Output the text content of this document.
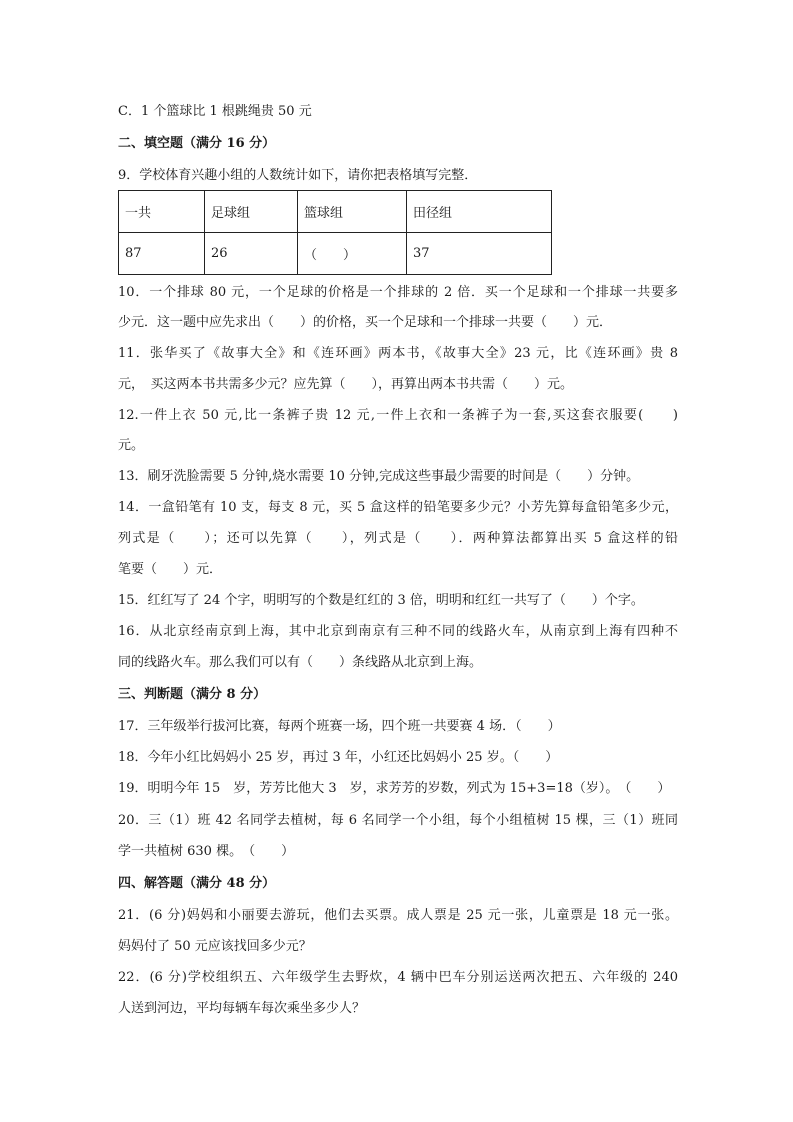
C．1 个篮球比 1 根跳绳贵 50 元
二、填空题（满分 16 分）
9．学校体育兴趣小组的人数统计如下，请你把表格填写完整．
一共	足球组	篮球组	田径组
87	26	（　　）	37
10．一个排球 80 元，一个足球的价格是一个排球的 2 倍．买一个足球和一个排球一共要多
少元．这一题中应先求出（　　）的价格，买一个足球和一个排球一共要（　　）元．
11．张华买了《故事大全》和《连环画》两本书，《故事大全》23 元，比《连环画》贵 8
元，　买这两本书共需多少元？应先算（　　），再算出两本书共需（　　）元。
12.一件上衣 50 元,比一条裤子贵 12 元,一件上衣和一条裤子为一套,买这套衣服要(　　)
元。
13．刷牙洗脸需要 5 分钟,烧水需要 10 分钟,完成这些事最少需要的时间是（　　）分钟。
14．一盒铅笔有 10 支，每支 8 元，买 5 盒这样的铅笔要多少元？小芳先算每盒铅笔多少元，
列式是（　　）；还可以先算（　　），列式是（　　）．两种算法都算出买 5 盒这样的铅
笔要（　　）元．
15．红红写了 24 个字，明明写的个数是红红的 3 倍，明明和红红一共写了（　　）个字。
16．从北京经南京到上海，其中北京到南京有三种不同的线路火车，从南京到上海有四种不
同的线路火车。那么我们可以有（　　）条线路从北京到上海。
三、判断题（满分 8 分）
17．三年级举行拔河比赛，每两个班赛一场，四个班一共要赛 4 场．（　　）
18．今年小红比妈妈小 25 岁，再过 3 年，小红还比妈妈小 25 岁。（　　）
19．明明今年 15　岁，芳芳比他大 3　岁，求芳芳的岁数，列式为 15+3=18（岁）。　（　　）
20．三（1）班 42 名同学去植树，每 6 名同学一个小组，每个小组植树 15 棵，三（1）班同
学一共植树 630 棵。　（　　）
四、解答题（满分 48 分）
21．(6 分)妈妈和小丽要去游玩，他们去买票。成人票是 25 元一张，儿童票是 18 元一张。
妈妈付了 50 元应该找回多少元？
22．(6 分)学校组织五、六年级学生去野炊，4 辆中巴车分别运送两次把五、六年级的 240
人送到河边，平均每辆车每次乘坐多少人？
